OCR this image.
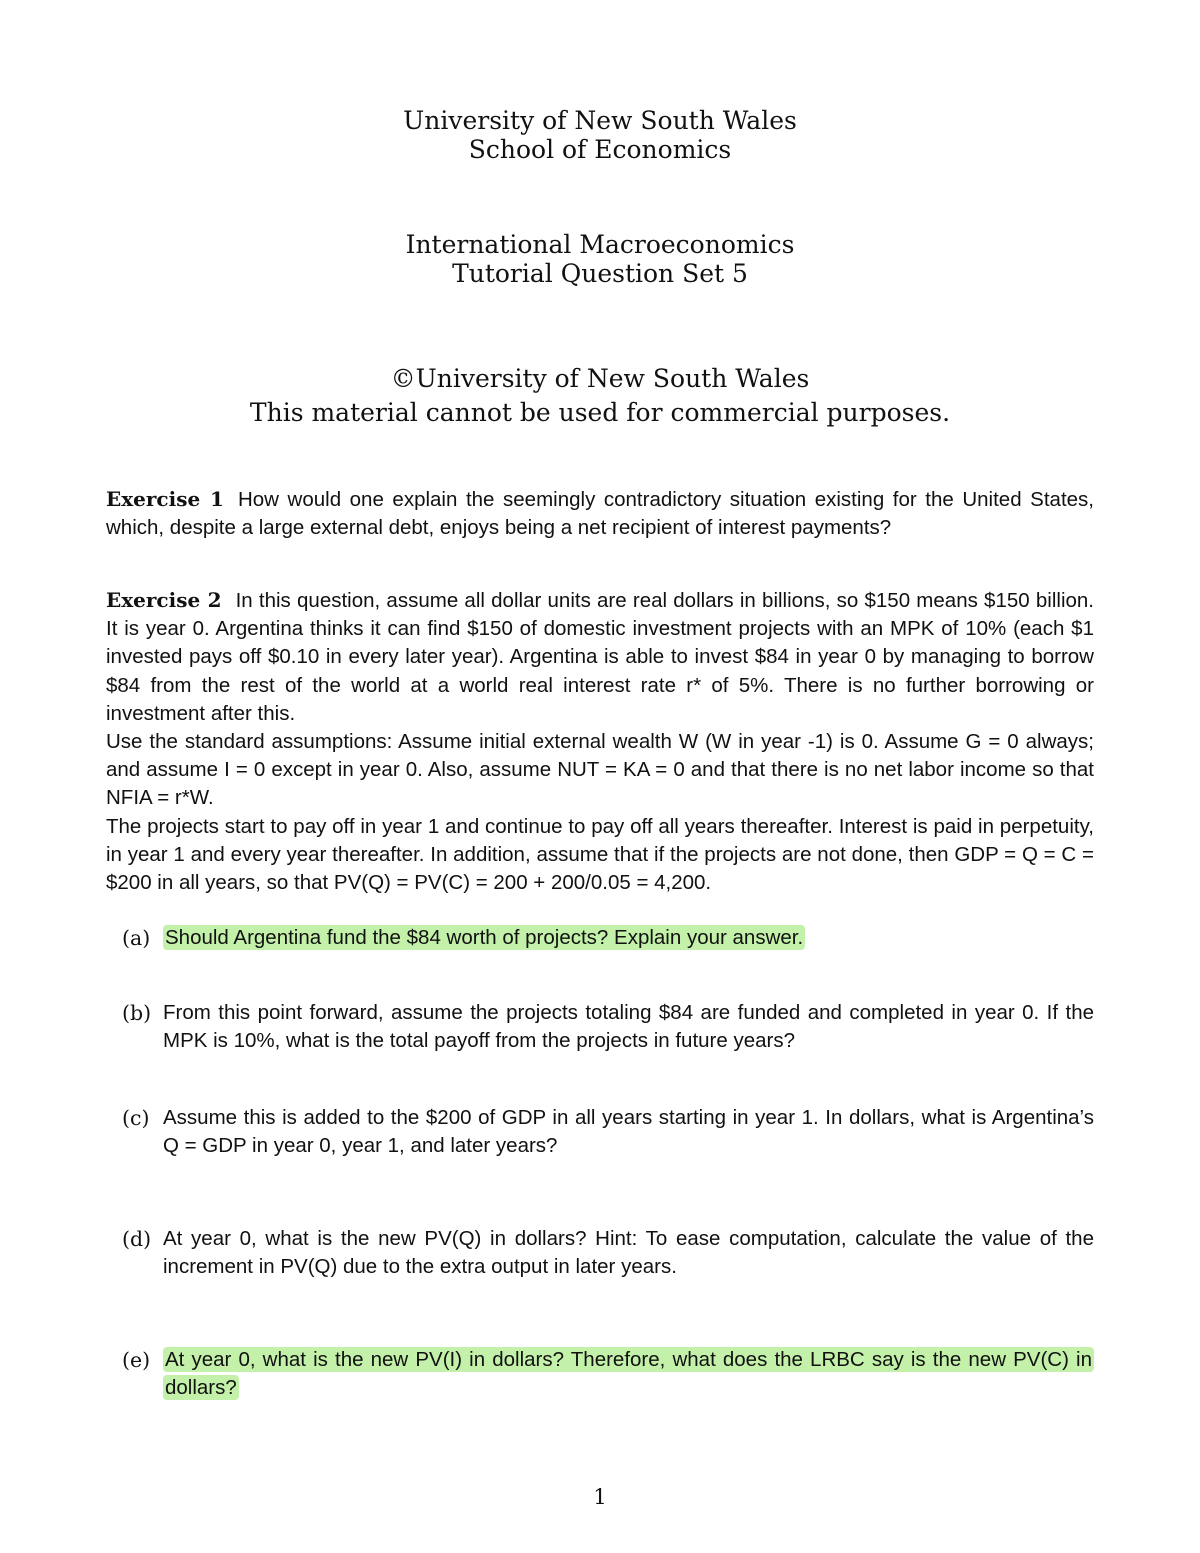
University of New South Wales
School of Economics
International Macroeconomics
Tutorial Question Set 5
©University of New South Wales
This material cannot be used for commercial purposes.

Exercise 1 How would one explain the seemingly contradictory situation existing for the United States, which, despite a large external debt, enjoys being a net recipient of interest payments?

Exercise 2 In this question, assume all dollar units are real dollars in billions, so $150 means $150 billion. It is year 0. Argentina thinks it can find $150 of domestic investment projects with an MPK of 10% (each $1 invested pays off $0.10 in every later year). Argentina is able to invest $84 in year 0 by managing to borrow $84 from the rest of the world at a world real interest rate r* of 5%. There is no further borrowing or investment after this.

Use the standard assumptions: Assume initial external wealth W (W in year -1) is 0. Assume G = 0 always; and assume I = 0 except in year 0. Also, assume NUT = KA = 0 and that there is no net labor income so that NFIA = r*W.

The projects start to pay off in year 1 and continue to pay off all years thereafter. Interest is paid in perpetuity, in year 1 and every year thereafter. In addition, assume that if the projects are not done, then GDP = Q = C = $200 in all years, so that PV(Q) = PV(C) = 200 + 200/0.05 = 4,200.

(a) Should Argentina fund the $84 worth of projects? Explain your answer.
(b) From this point forward, assume the projects totaling $84 are funded and completed in year 0. If the MPK is 10%, what is the total payoff from the projects in future years?
(c) Assume this is added to the $200 of GDP in all years starting in year 1. In dollars, what is Argentina’s Q = GDP in year 0, year 1, and later years?
(d) At year 0, what is the new PV(Q) in dollars? Hint: To ease computation, calculate the value of the increment in PV(Q) due to the extra output in later years.
(e) At year 0, what is the new PV(I) in dollars? Therefore, what does the LRBC say is the new PV(C) in dollars?
1
